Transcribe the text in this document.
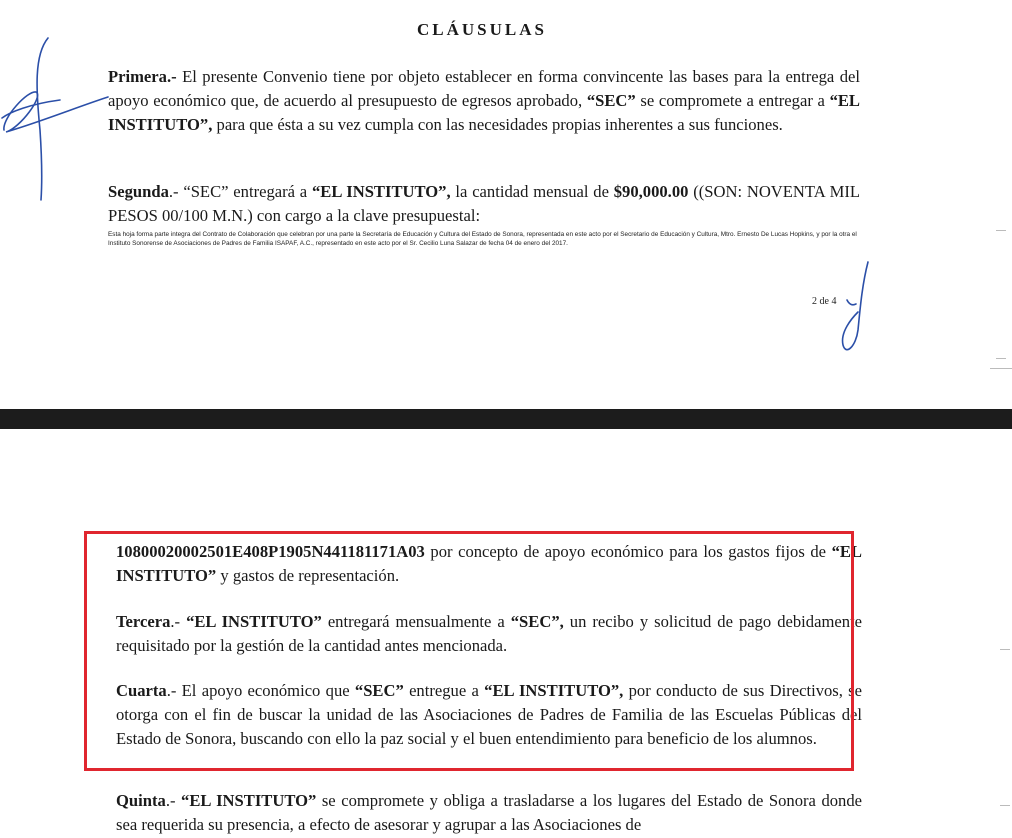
CLÁUSULAS

Primera.- El presente Convenio tiene por objeto establecer en forma convincente las bases para la entrega del apoyo económico que, de acuerdo al presupuesto de egresos aprobado, “SEC” se compromete a entregar a “EL INSTITUTO”, para que ésta a su vez cumpla con las necesidades propias inherentes a sus funciones.

Segunda.- “SEC” entregará a “EL INSTITUTO”, la cantidad mensual de $90,000.00 ((SON: NOVENTA MIL PESOS 00/100 M.N.) con cargo a la clave presupuestal:

Esta hoja forma parte integra del Contrato de Colaboración que celebran por una parte la Secretaría de Educación y Cultura del Estado de Sonora, representada en este acto por el Secretario de Educación y Cultura, Mtro. Ernesto De Lucas Hopkins, y por la otra el Instituto Sonorense de Asociaciones de Padres de Familia ISAPAF, A.C., representado en este acto por el Sr. Cecilio Luna Salazar de fecha 04 de enero del 2017.

2 de 4

10800020002501E408P1905N441181171A03 por concepto de apoyo económico para los gastos fijos de “EL INSTITUTO” y gastos de representación.

Tercera.- “EL INSTITUTO” entregará mensualmente a “SEC”, un recibo y solicitud de pago debidamente requisitado por la gestión de la cantidad antes mencionada.

Cuarta.- El apoyo económico que “SEC” entregue a “EL INSTITUTO”, por conducto de sus Directivos, se otorga con el fin de buscar la unidad de las Asociaciones de Padres de Familia de las Escuelas Públicas del Estado de Sonora, buscando con ello la paz social y el buen entendimiento para beneficio de los alumnos.

Quinta.- “EL INSTITUTO” se compromete y obliga a trasladarse a los lugares del Estado de Sonora donde sea requerida su presencia, a efecto de asesorar y agrupar a las Asociaciones de
